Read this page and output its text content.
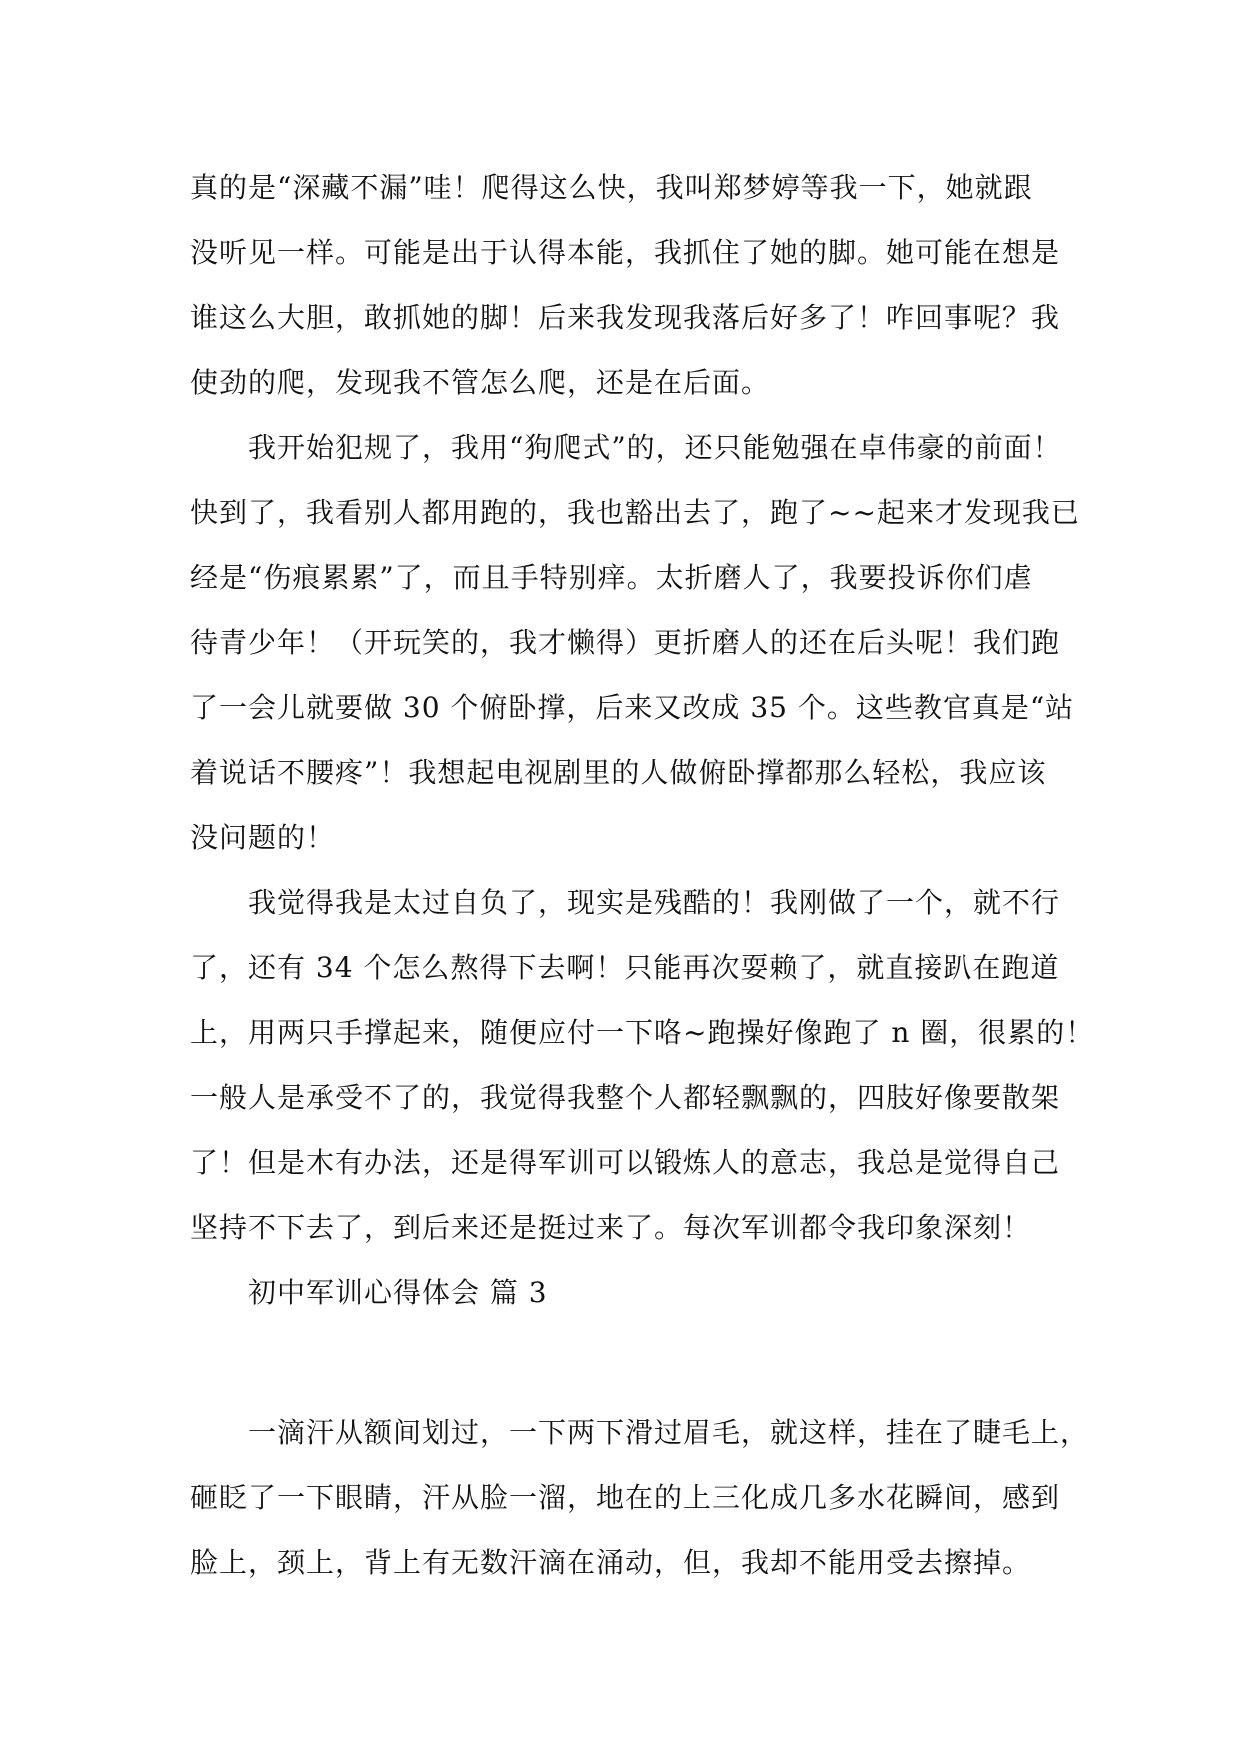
真的是“深藏不漏”哇！爬得这么快，我叫郑梦婷等我一下，她就跟
没听见一样。可能是出于认得本能，我抓住了她的脚。她可能在想是
谁这么大胆，敢抓她的脚！后来我发现我落后好多了！咋回事呢？我
使劲的爬，发现我不管怎么爬，还是在后面。
我开始犯规了，我用“狗爬式”的，还只能勉强在卓伟豪的前面！
快到了，我看别人都用跑的，我也豁出去了，跑了~~起来才发现我已
经是“伤痕累累”了，而且手特别痒。太折磨人了，我要投诉你们虐
待青少年！（开玩笑的，我才懒得）更折磨人的还在后头呢！我们跑
了一会儿就要做 30 个俯卧撑，后来又改成 35 个。这些教官真是“站
着说话不腰疼”！我想起电视剧里的人做俯卧撑都那么轻松，我应该
没问题的！
我觉得我是太过自负了，现实是残酷的！我刚做了一个，就不行
了，还有 34 个怎么熬得下去啊！只能再次耍赖了，就直接趴在跑道
上，用两只手撑起来，随便应付一下咯~跑操好像跑了 n 圈，很累的！
一般人是承受不了的，我觉得我整个人都轻飘飘的，四肢好像要散架
了！但是木有办法，还是得军训可以锻炼人的意志，我总是觉得自己
坚持不下去了，到后来还是挺过来了。每次军训都令我印象深刻！
初中军训心得体会 篇 3
一滴汗从额间划过，一下两下滑过眉毛，就这样，挂在了睫毛上，
砸眨了一下眼睛，汗从脸一溜，地在的上三化成几多水花瞬间，感到
脸上，颈上，背上有无数汗滴在涌动，但，我却不能用受去擦掉。
